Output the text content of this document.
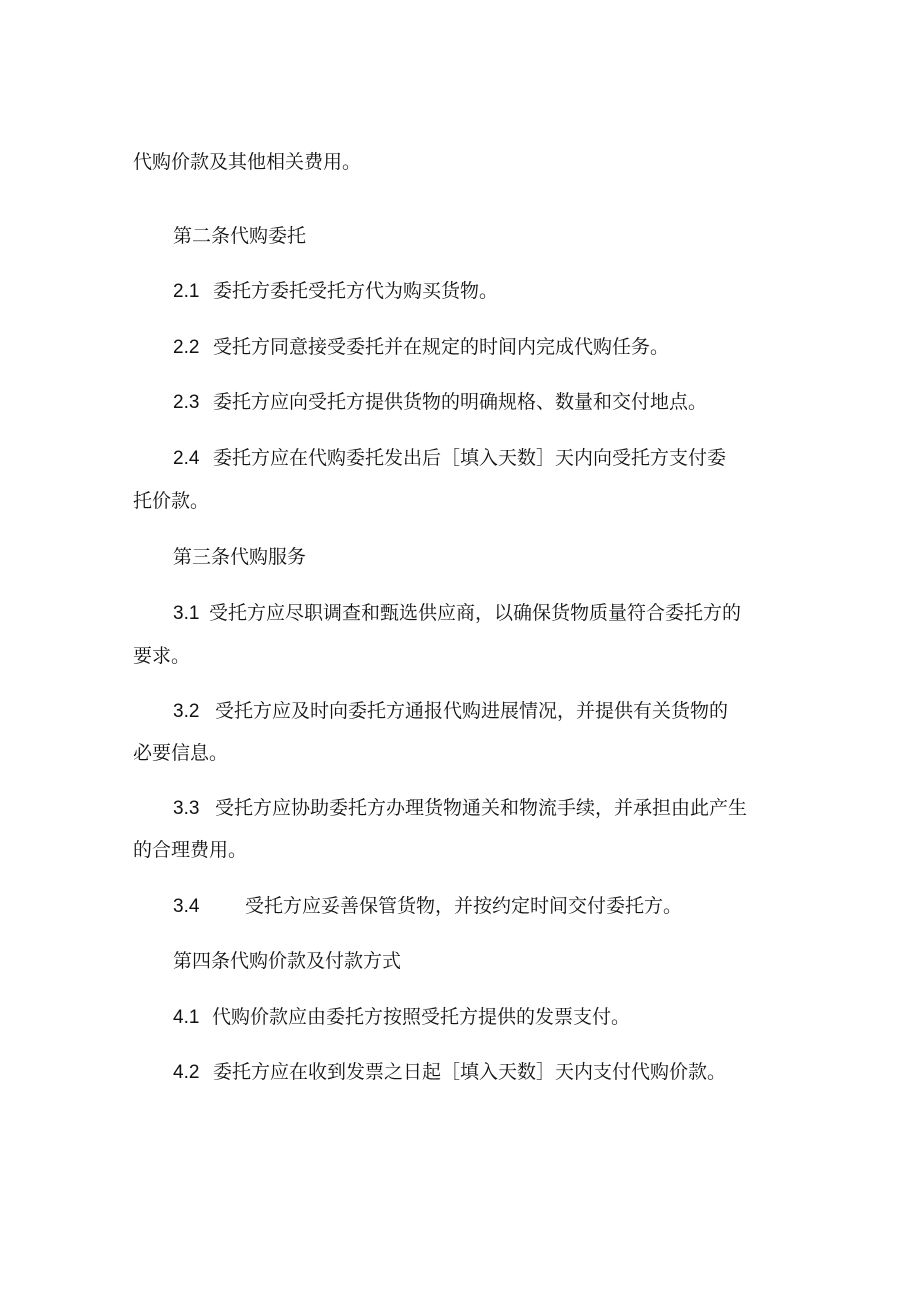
代购价款及其他相关费用。
第二条代购委托
2.1 委托方委托受托方代为购买货物。
2.2 受托方同意接受委托并在规定的时间内完成代购任务。
2.3 委托方应向受托方提供货物的明确规格、数量和交付地点。
2.4 委托方应在代购委托发出后［填入天数］天内向受托方支付委
托价款。
第三条代购服务
3.1 受托方应尽职调查和甄选供应商，以确保货物质量符合委托方的
要求。
3.2 受托方应及时向委托方通报代购进展情况，并提供有关货物的
必要信息。
3.3 受托方应协助委托方办理货物通关和物流手续，并承担由此产生
的合理费用。
3.4 受托方应妥善保管货物，并按约定时间交付委托方。
第四条代购价款及付款方式
4.1 代购价款应由委托方按照受托方提供的发票支付。
4.2 委托方应在收到发票之日起［填入天数］天内支付代购价款。
